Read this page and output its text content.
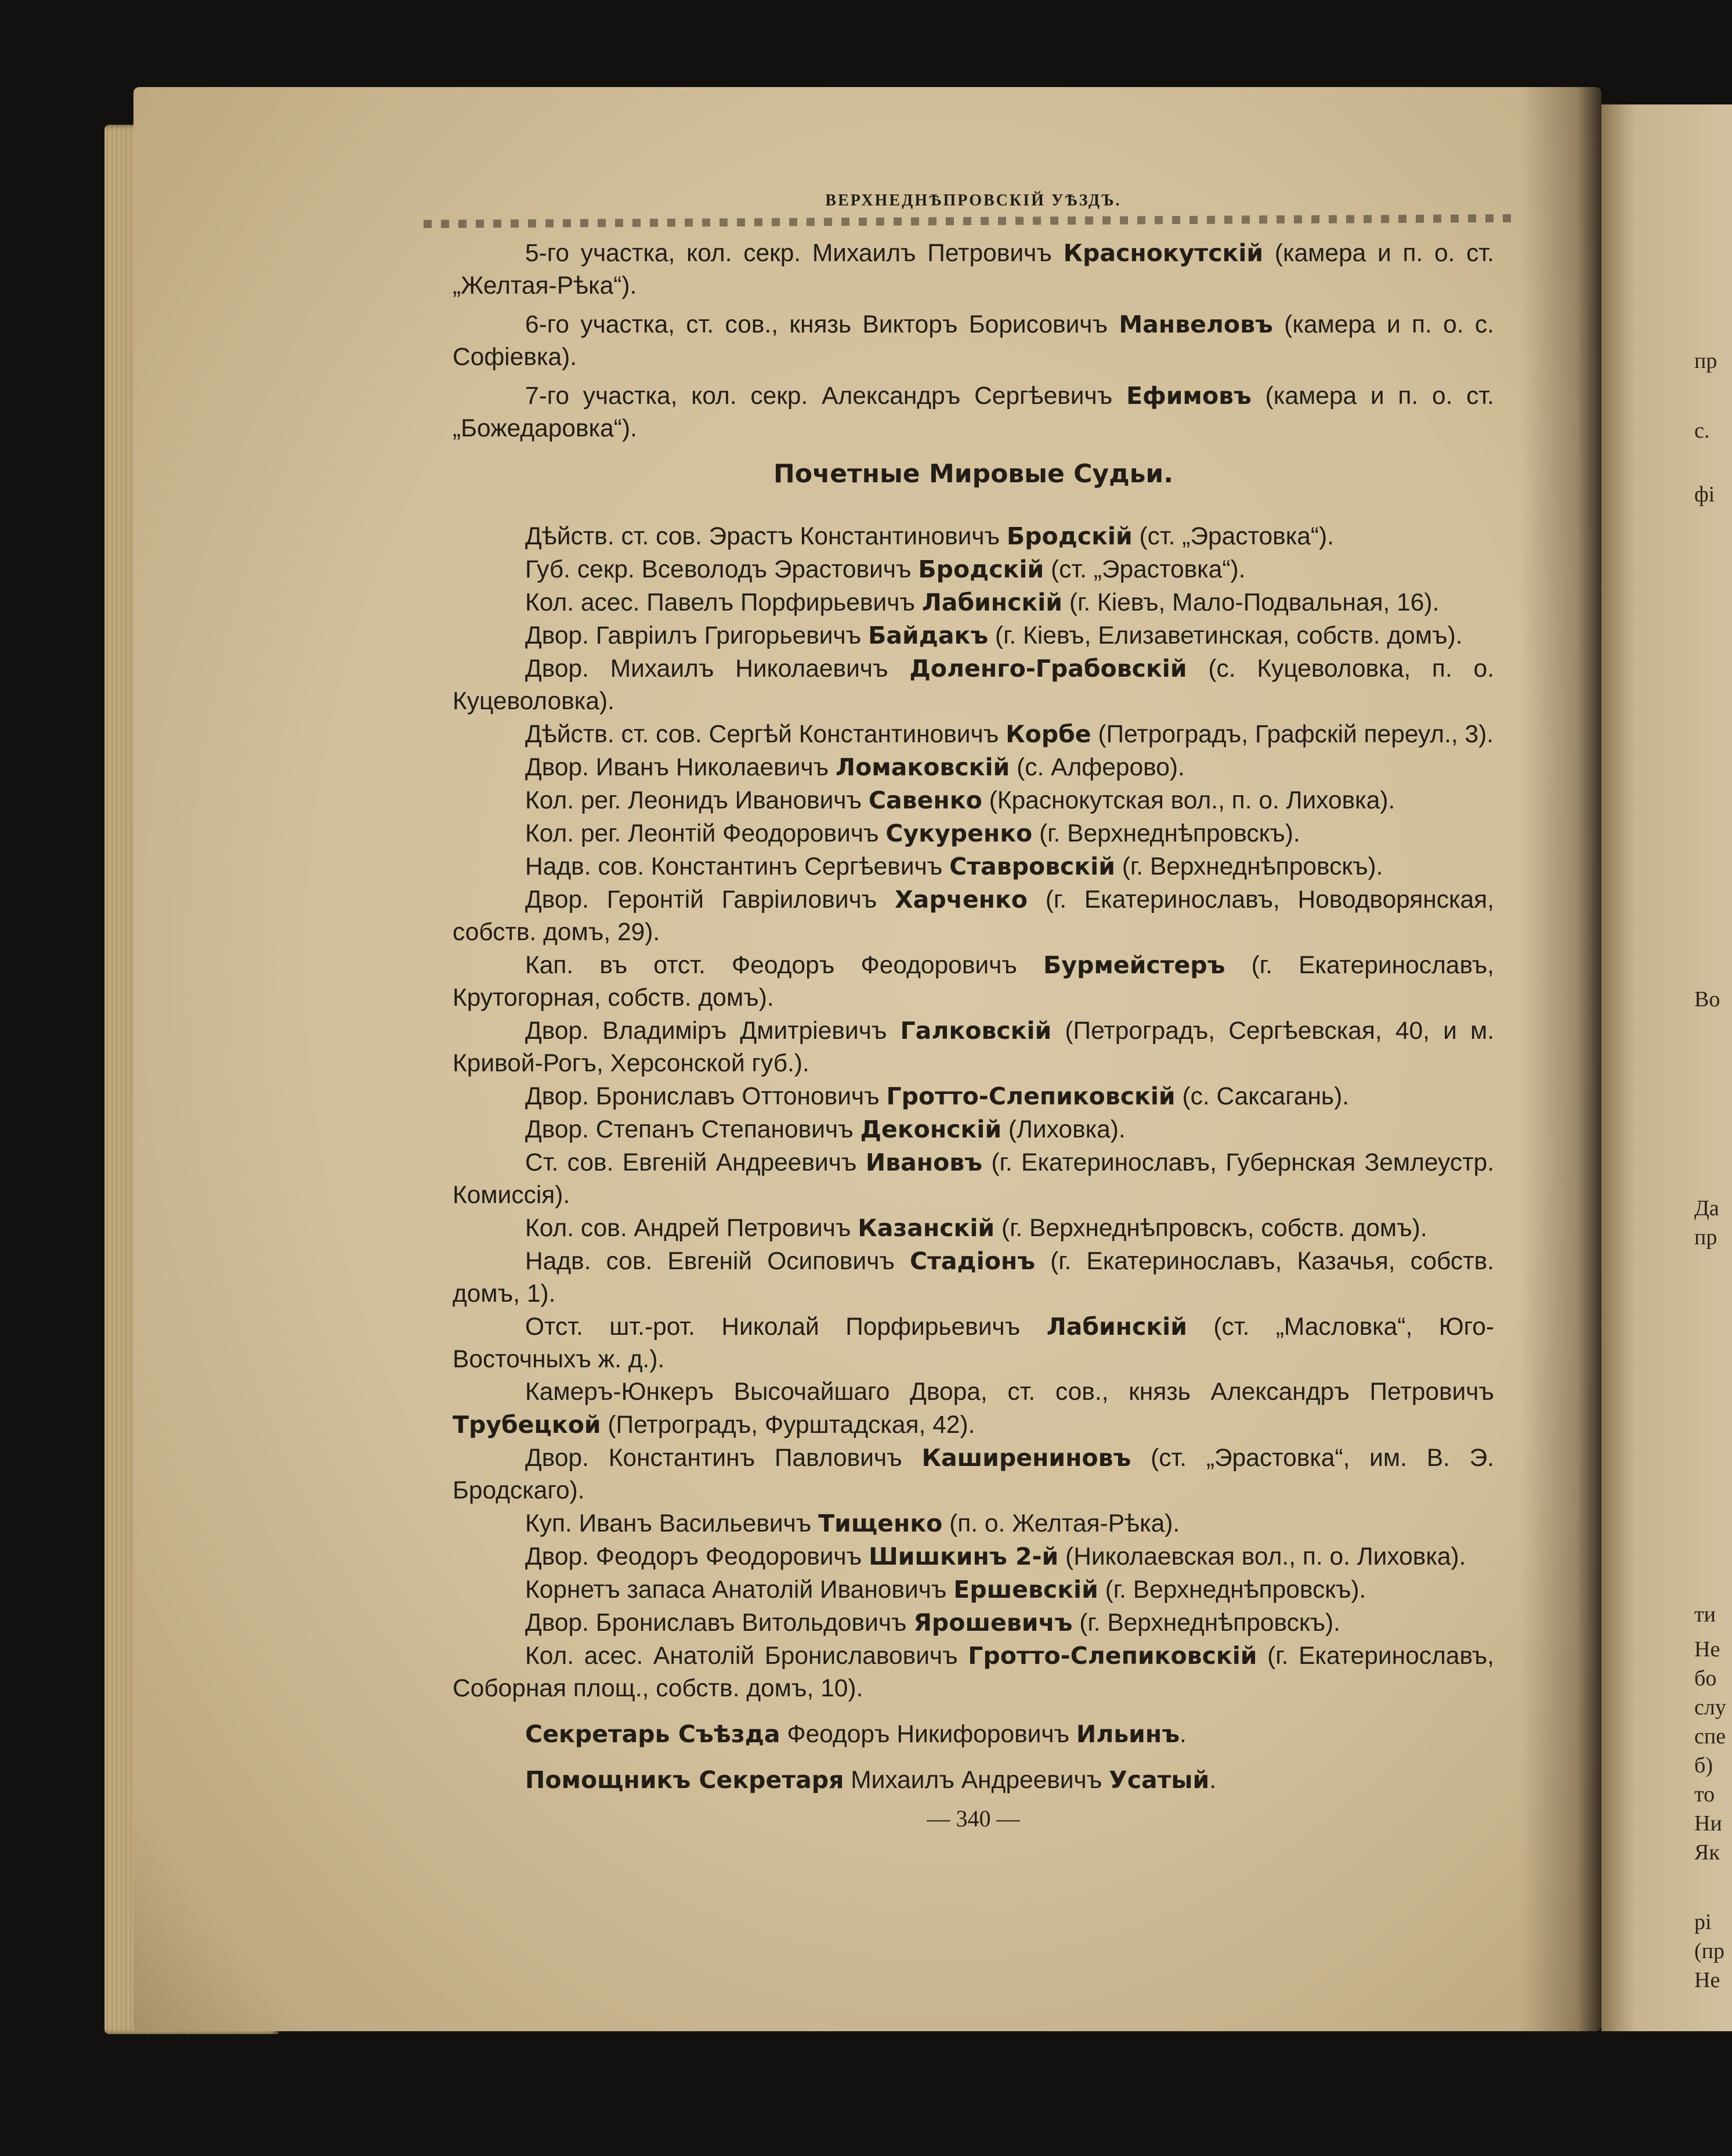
пр
с.
фі
Во
Да
пр
ти
Не
бо
слу
спе
б)
то
Ни
Як
рі
(пр
Не
ВЕРХНЕДНѢПРОВСКІЙ УѢЗДЪ.

5-го участка, кол. секр. Михаилъ Петровичъ Краснокутскій (камера и п. о. ст. „Желтая-Рѣка“).

6-го участка, ст. сов., князь Викторъ Борисовичъ Манвеловъ (камера и п. о. с. Софіевка).

7-го участка, кол. секр. Александръ Сергѣевичъ Ефимовъ (камера и п. о. ст. „Божедаровка“).

Почетные Мировые Судьи.

Дѣйств. ст. сов. Эрастъ Константиновичъ Бродскій (ст. „Эрастовка“).

Губ. секр. Всеволодъ Эрастовичъ Бродскій (ст. „Эрастовка“).

Кол. асес. Павелъ Порфирьевичъ Лабинскій (г. Кіевъ, Мало-Подвальная, 16).

Двор. Гавріилъ Григорьевичъ Байдакъ (г. Кіевъ, Елизаветинская, собств. домъ).

Двор. Михаилъ Николаевичъ Доленго-Грабовскій (с. Куцеволовка, п. о. Куцеволовка).

Дѣйств. ст. сов. Сергѣй Константиновичъ Корбе (Петроградъ, Графскій переул., 3).

Двор. Иванъ Николаевичъ Ломаковскій (с. Алферово).

Кол. рег. Леонидъ Ивановичъ Савенко (Краснокутская вол., п. о. Лиховка).

Кол. рег. Леонтій Феодоровичъ Сукуренко (г. Верхнеднѣпровскъ).

Надв. сов. Константинъ Сергѣевичъ Ставровскій (г. Верхнеднѣпровскъ).

Двор. Геронтій Гавріиловичъ Харченко (г. Екатеринославъ, Новодворянская, собств. домъ, 29).

Кап. въ отст. Феодоръ Феодоровичъ Бурмейстеръ (г. Екатеринославъ, Крутогорная, собств. домъ).

Двор. Владиміръ Дмитріевичъ Галковскій (Петроградъ, Сергѣевская, 40, и м. Кривой-Рогъ, Херсонской губ.).

Двор. Брониславъ Оттоновичъ Гротто-Слепиковскій (с. Саксагань).

Двор. Степанъ Степановичъ Деконскій (Лиховка).

Ст. сов. Евгеній Андреевичъ Ивановъ (г. Екатеринославъ, Губернская Землеустр. Комиссія).

Кол. сов. Андрей Петровичъ Казанскій (г. Верхнеднѣпровскъ, собств. домъ).

Надв. сов. Евгеній Осиповичъ Стадіонъ (г. Екатеринославъ, Казачья, собств. домъ, 1).

Отст. шт.-рот. Николай Порфирьевичъ Лабинскій (ст. „Масловка“, Юго-Восточныхъ ж. д.).

Камеръ-Юнкеръ Высочайшаго Двора, ст. сов., князь Александръ Петровичъ Трубецкой (Петроградъ, Фурштадская, 42).

Двор. Константинъ Павловичъ Каширениновъ (ст. „Эрастовка“, им. В. Э. Бродскаго).

Куп. Иванъ Васильевичъ Тищенко (п. о. Желтая-Рѣка).

Двор. Феодоръ Феодоровичъ Шишкинъ 2-й (Николаевская вол., п. о. Лиховка).

Корнетъ запаса Анатолій Ивановичъ Ершевскій (г. Верхнеднѣпровскъ).

Двор. Брониславъ Витольдовичъ Ярошевичъ (г. Верхнеднѣпровскъ).

Кол. асес. Анатолій Брониславовичъ Гротто-Слепиковскій (г. Екатеринославъ, Соборная площ., собств. домъ, 10).

Секретарь Съѣзда Феодоръ Никифоровичъ Ильинъ.

Помощникъ Секретаря Михаилъ Андреевичъ Усатый.

— 340 —
